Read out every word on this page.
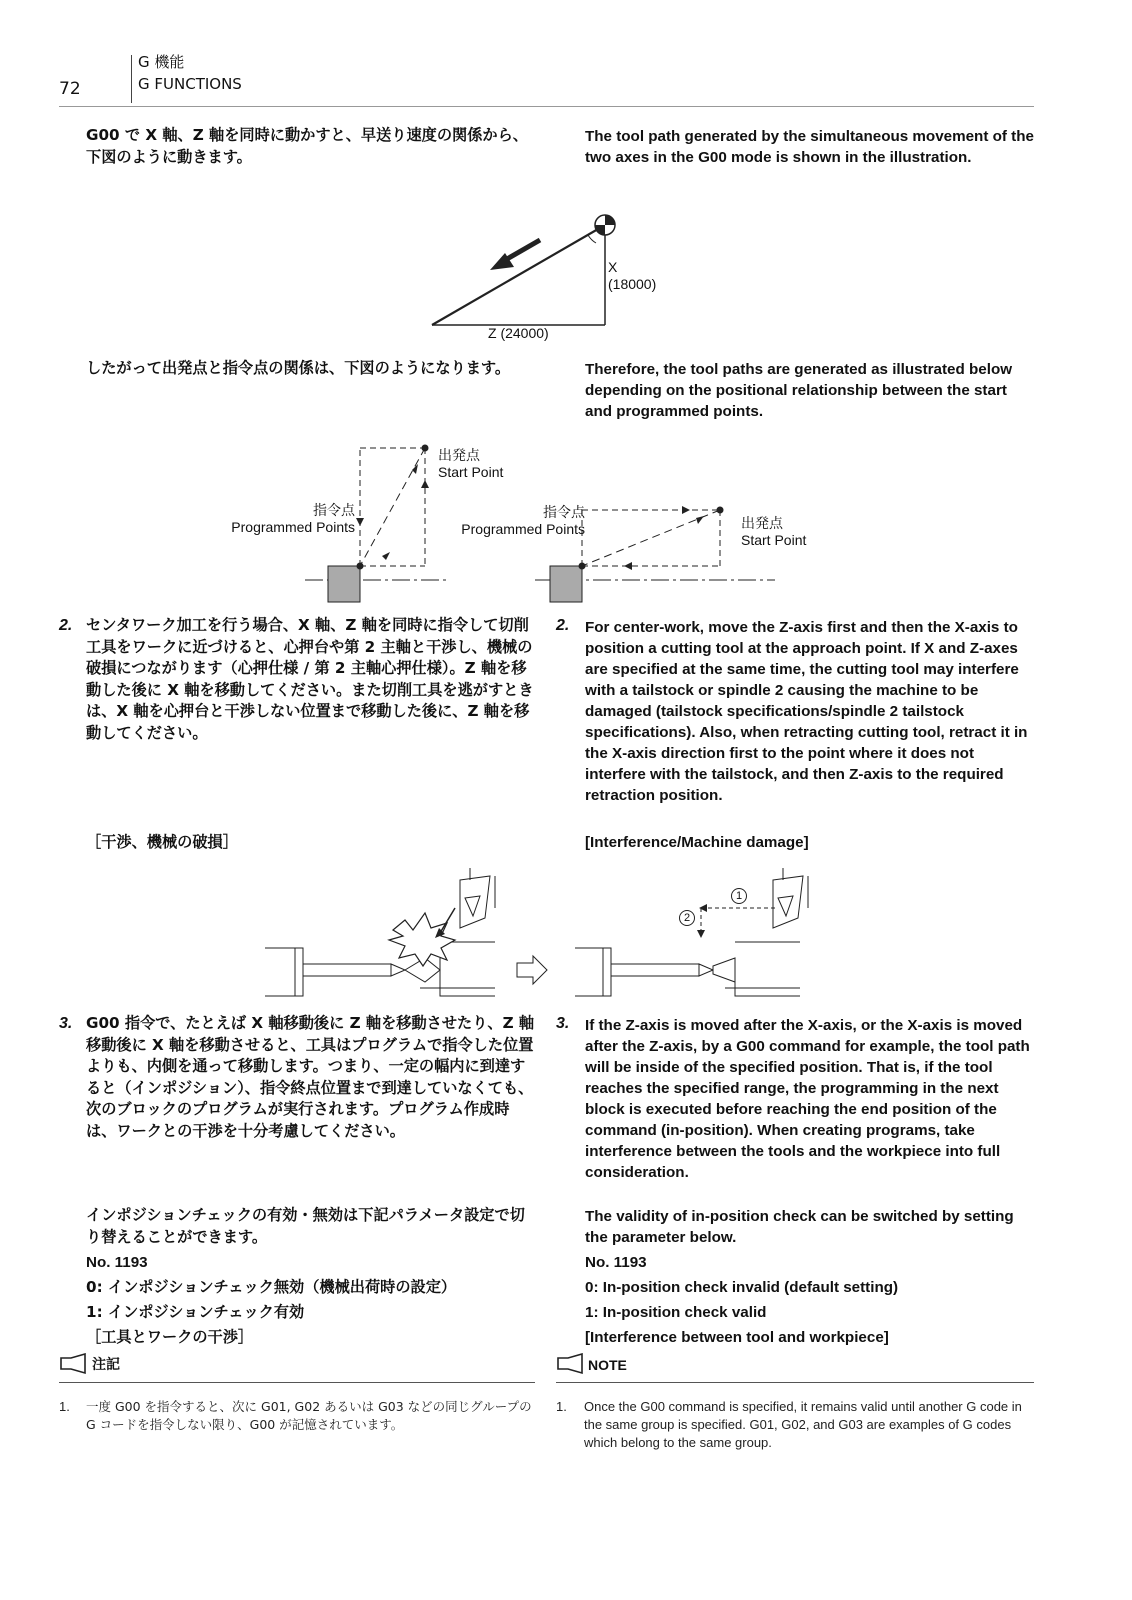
72
G 機能
G FUNCTIONS
G00 で X 軸、Z 軸を同時に動かすと、早送り速度の関係から、下図のように動きます。
The tool path generated by the simultaneous movement of the two axes in the G00 mode is shown in the illustration.
X
(18000)
Z (24000)
したがって出発点と指令点の関係は、下図のようになります。	Therefore, the tool paths are generated as illustrated below depending on the positional relationship between the start and programmed points.
出発点
Start Point
指令点
Programmed Points
指令点
Programmed Points	出発点
Start Point
2. センタワーク加工を行う場合、X 軸、Z 軸を同時に指令して切削工具をワークに近づけると、心押台や第 2 主軸と干渉し、機械の破損につながります（心押仕様 / 第 2 主軸心押仕様）。Z 軸を移動した後に X 軸を移動してください。また切削工具を逃がすときは、X 軸を心押台と干渉しない位置まで移動した後に、Z 軸を移動してください。
2. For center-work, move the Z-axis first and then the X-axis to position a cutting tool at the approach point. If X and Z-axes are specified at the same time, the cutting tool may interfere with a tailstock or spindle 2 causing the machine to be damaged (tailstock specifications/spindle 2 tailstock specifications). Also, when retracting cutting tool, retract it in the X-axis direction first to the point where it does not interfere with the tailstock, and then Z-axis to the required retraction position.
［干渉、機械の破損］	[Interference/Machine damage]
1
2
3. G00 指令で、たとえば X 軸移動後に Z 軸を移動させたり、Z 軸移動後に X 軸を移動させると、工具はプログラムで指令した位置よりも、内側を通って移動します。つまり、一定の幅内に到達すると（インポジション）、指令終点位置まで到達していなくても、次のブロックのプログラムが実行されます。プログラム作成時は、ワークとの干渉を十分考慮してください。
3. If the Z-axis is moved after the X-axis, or the X-axis is moved after the Z-axis, by a G00 command for example, the tool path will be inside of the specified position. That is, if the tool reaches the specified range, the programming in the next block is executed before reaching the end position of the command (in-position). When creating programs, take interference between the tools and the workpiece into full consideration.
インポジションチェックの有効・無効は下記パラメータ設定で切り替えることができます。
The validity of in-position check can be switched by setting the parameter below.
No. 1193	No. 1193
0: インポジションチェック無効（機械出荷時の設定）	0: In-position check invalid (default setting)
1: インポジションチェック有効	1: In-position check valid
［工具とワークの干渉］	[Interference between tool and workpiece]
注記	NOTE
1. 一度 G00 を指令すると、次に G01, G02 あるいは G03 などの同じグループの G コードを指令しない限り、G00 が記憶されています。
1. Once the G00 command is specified, it remains valid until another G code in the same group is specified. G01, G02, and G03 are examples of G codes which belong to the same group.
